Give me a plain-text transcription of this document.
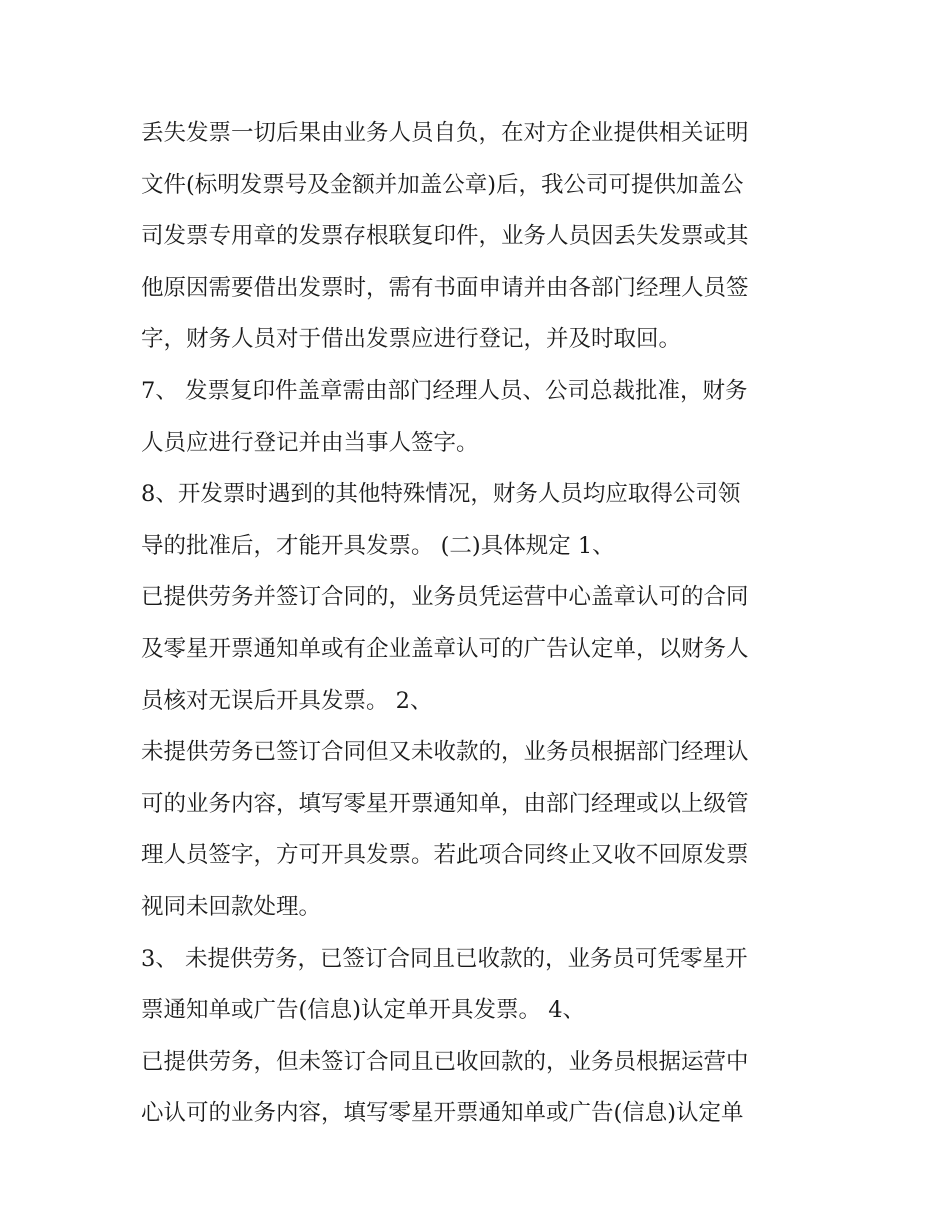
丢失发票一切后果由业务人员自负，在对方企业提供相关证明

文件(标明发票号及金额并加盖公章)后，我公司可提供加盖公

司发票专用章的发票存根联复印件，业务人员因丢失发票或其

他原因需要借出发票时，需有书面申请并由各部门经理人员签

字，财务人员对于借出发票应进行登记，并及时取回。

7、 发票复印件盖章需由部门经理人员、公司总裁批准，财务

人员应进行登记并由当事人签字。

8、开发票时遇到的其他特殊情况，财务人员均应取得公司领

导的批准后，才能开具发票。 (二)具体规定 1、

已提供劳务并签订合同的，业务员凭运营中心盖章认可的合同

及零星开票通知单或有企业盖章认可的广告认定单，以财务人

员核对无误后开具发票。 2、

未提供劳务已签订合同但又未收款的，业务员根据部门经理认

可的业务内容，填写零星开票通知单，由部门经理或以上级管

理人员签字，方可开具发票。若此项合同终止又收不回原发票

视同未回款处理。

3、 未提供劳务，已签订合同且已收款的，业务员可凭零星开

票通知单或广告(信息)认定单开具发票。 4、

已提供劳务，但未签订合同且已收回款的，业务员根据运营中

心认可的业务内容，填写零星开票通知单或广告(信息)认定单
